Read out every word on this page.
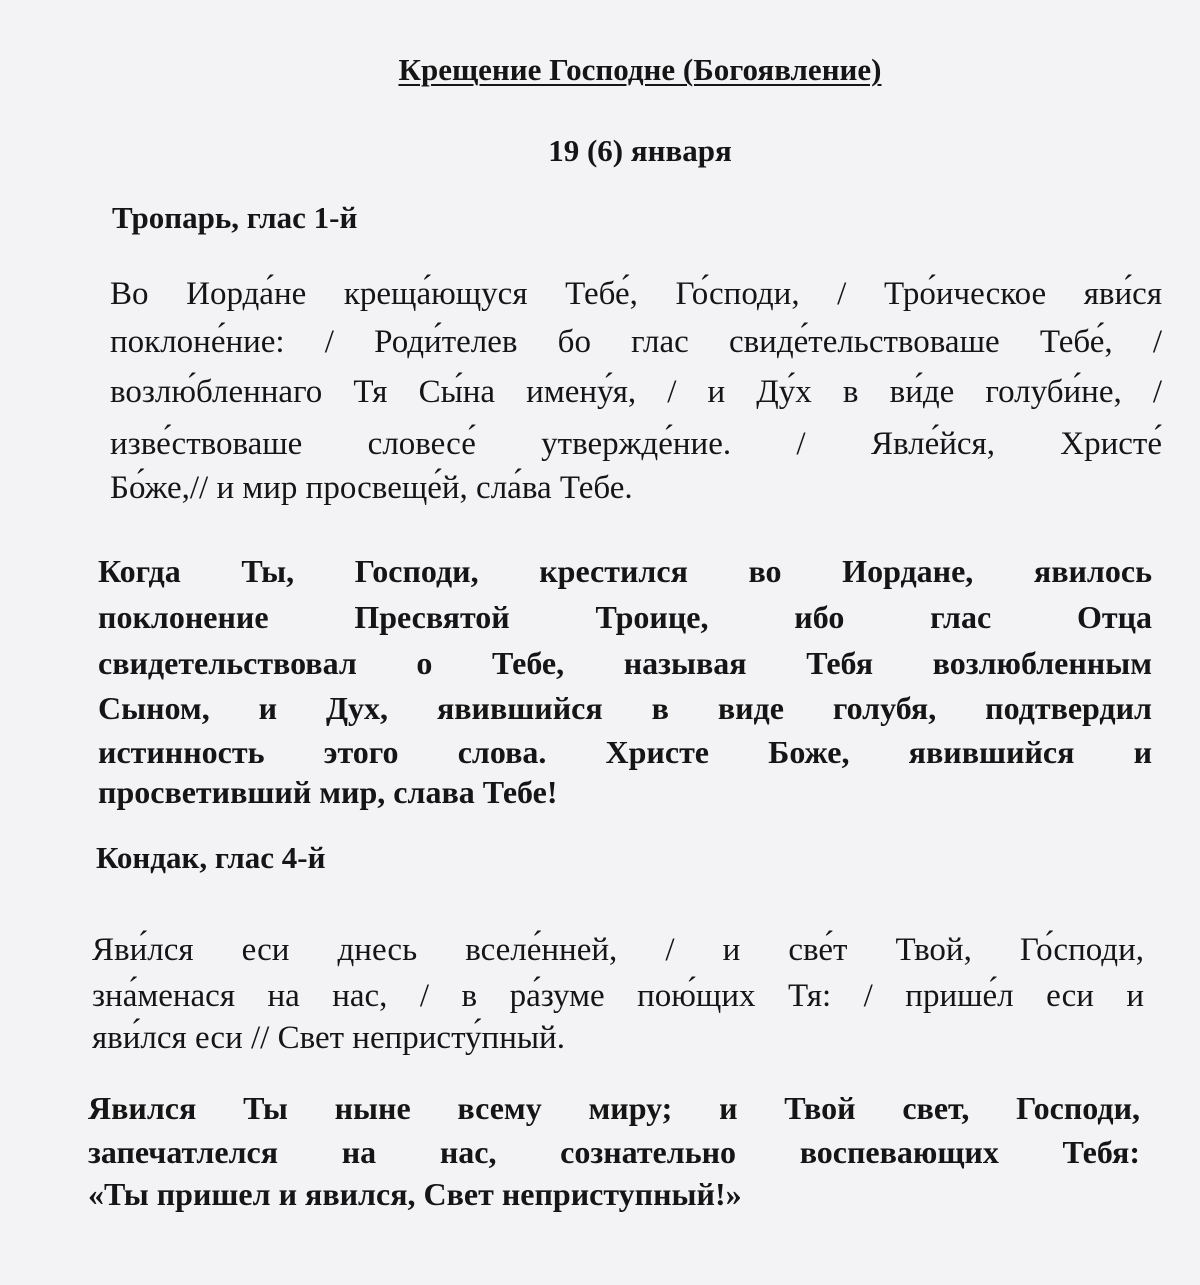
Крещение Господне (Богоявление)
19 (6) января
Тропарь, глас 1-й
Во Иорда́не креща́ющуся Тебе́, Го́споди, / Тро́ическое яви́ся
поклоне́ние: / Роди́телев бо глас свиде́тельствоваше Тебе́, /
возлю́бленнаго Тя Сы́на имену́я, / и Ду́х в ви́де голуби́не, /
изве́ствоваше словесе́ утвержде́ние. / Явле́йся, Христе́
Бо́же,// и мир просвеще́й, сла́ва Тебе.
Когда Ты, Господи, крестился во Иордане, явилось
поклонение Пресвятой Троице, ибо глас Отца
свидетельствовал о Тебе, называя Тебя возлюбленным
Сыном, и Дух, явившийся в виде голубя, подтвердил
истинность этого слова. Христе Боже, явившийся и
просветивший мир, слава Тебе!
Кондак, глас 4-й
Яви́лся еси днесь вселе́нней, / и све́т Твой, Го́споди,
зна́менася на нас, / в ра́зуме пою́щих Тя: / прише́л еси и
яви́лся еси // Свет непристу́пный.
Явился Ты ныне всему миру; и Твой свет, Господи,
запечатлелся на нас, сознательно воспевающих Тебя:
«Ты пришел и явился, Свет неприступный!»
